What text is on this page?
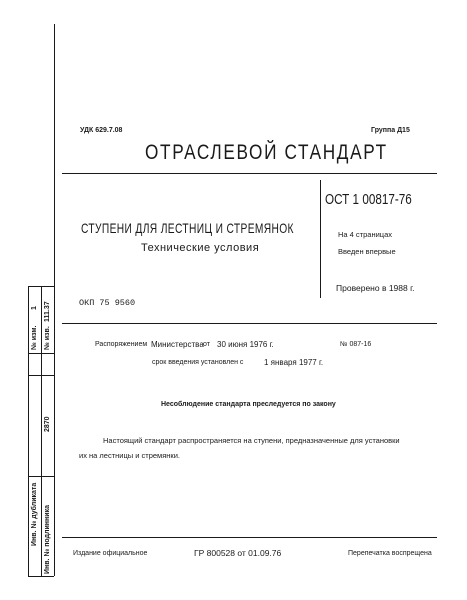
УДК 629.7.08	Группа Д15
ОТРАСЛЕВОЙ СТАНДАРТ
ОСТ 1 00817-76
СТУПЕНИ ДЛЯ ЛЕСТНИЦ И СТРЕМЯНОК
Технические условия
На 4 страницах
Введен впервые
Проверено в 1988 г.
ОКП 75 9560
Распоряжением Министерства от 30 июня 1976 г.	№ 087-16
срок введения установлен с	1 января 1977 г.
Несоблюдение стандарта преследуется по закону
Настоящий стандарт распространяется на ступени, предназначенные для установки
их на лестницы и стремянки.
Издание официальное	ГР 800528 от 01.09.76	Перепечатка воспрещена
№ изм.
1
№ изв.
111.37
2870
Инв. № дубликата Инв. № подлинника
